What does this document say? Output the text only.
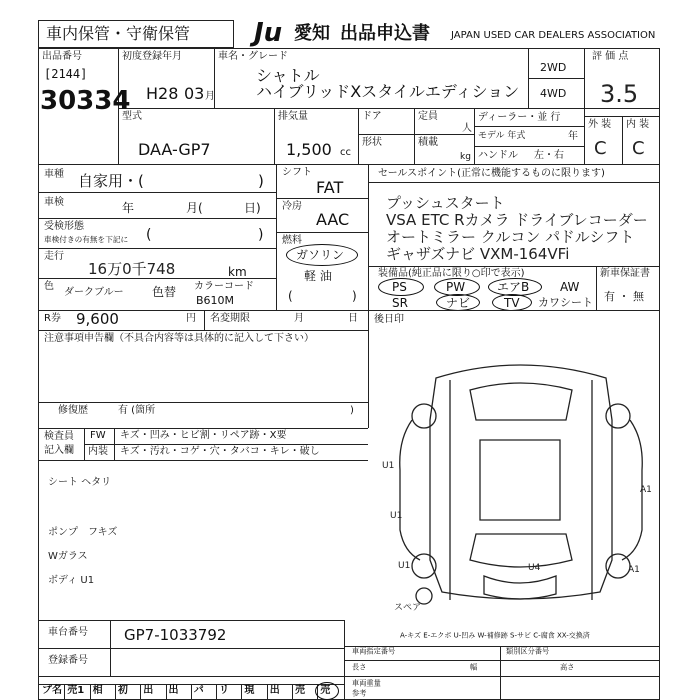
車内保管・守衛保管 Ju 愛知 出品申込書 JAPAN USED CAR DEALERS ASSOCIATION
出品番号
[2144]
30334
初度登録年月
H28 03 月
車名・グレード
シャトル
ハイブリッドXスタイルエディション
2WD
4WD
評 価 点
3.5
外 装 内 装
C C
型式
DAA-GP7
排気量
1,500 cc
ドア
形状
定員
人
積載
kg
ディーラー・並 行
モデル 年式	年
ハンドル 左・右
車種 自家用・(	)
車検	年	月(	日)
受検形態
車検付きの有無を下記に (	)
走行
16万0千748	km
色
ダークブルー 色替 カラーコード
B610M
シフト
FAT
冷房
AAC
燃料
ガソリン
軽 油
(	)
セールスポイント(正常に機能するものに限ります)
プッシュスタート
VSA ETC Rカメラ ドライブレコーダー
オートミラー クルコン パドルシフト
ギャザズナビ VXM-164VFi
装備品(純正品に限り○印で表示)	新車保証書
有 ・ 無
PS	PW	エアB	AW
SR	ナビ	TV カワシート
R券 9,600	円 名変期限	月	日 後日印
注意事項申告欄（不具合内容等は具体的に記入して下さい）
修復歴	有 (箇所	)
検査員
記入欄
FW キズ・凹み・ヒビ割・リペア跡・X要
内装 キズ・汚れ・コゲ・穴・タバコ・キレ・破し
シート ヘタリ
ポンプ　フキズ
Wガラス
ボディ U1
U1
U1
A1
U1	A1
U4
スペア
A-キズ E-エクボ U-凹み W-補修跡 S-サビ C-腐食 XX-交換済
車台番号 GP7-1033792
登録番号
車両指定番号	類別区分番号
長さ	幅	高さ
車両重量
参考
プ名 売1 相 初 出 出 パ リ 現 出 売 売
